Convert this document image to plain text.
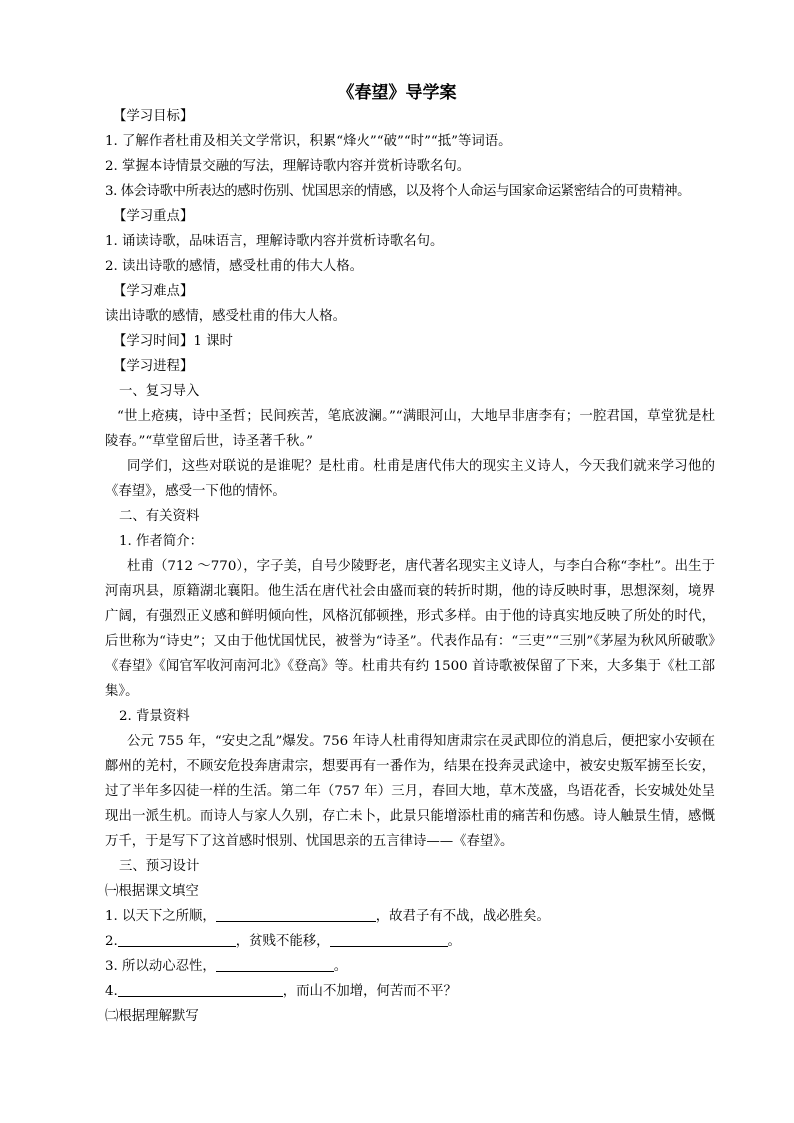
《春望》导学案
【学习目标】
1. 了解作者杜甫及相关文学常识，积累“烽火”“破”“时”“抵”等词语。
2. 掌握本诗情景交融的写法，理解诗歌内容并赏析诗歌名句。
3. 体会诗歌中所表达的感时伤别、忧国思亲的情感，以及将个人命运与国家命运紧密结合的可贵精神。
【学习重点】
1. 诵读诗歌，品味语言，理解诗歌内容并赏析诗歌名句。
2. 读出诗歌的感情，感受杜甫的伟大人格。
【学习难点】
读出诗歌的感情，感受杜甫的伟大人格。
【学习时间】1 课时
【学习进程】
一、复习导入
“世上疮痍，诗中圣哲；民间疾苦，笔底波澜。”“满眼河山，大地早非唐李有；一腔君国，草堂犹是杜陵春。”“草堂留后世，诗圣著千秋。”
同学们，这些对联说的是谁呢？是杜甫。杜甫是唐代伟大的现实主义诗人，今天我们就来学习他的《春望》，感受一下他的情怀。
二、有关资料
1. 作者简介：
杜甫（712 ～770），字子美，自号少陵野老，唐代著名现实主义诗人，与李白合称“李杜”。出生于河南巩县，原籍湖北襄阳。他生活在唐代社会由盛而衰的转折时期，他的诗反映时事，思想深刻，境界广阔，有强烈正义感和鲜明倾向性，风格沉郁顿挫，形式多样。由于他的诗真实地反映了所处的时代，后世称为“诗史”；又由于他忧国忧民，被誉为“诗圣”。代表作品有：“三吏”“三别”《茅屋为秋风所破歌》《春望》《闻官军收河南河北》《登高》等。杜甫共有约 1500 首诗歌被保留了下来，大多集于《杜工部集》。
2. 背景资料
公元 755 年，“安史之乱”爆发。756 年诗人杜甫得知唐肃宗在灵武即位的消息后，便把家小安顿在鄜州的羌村，不顾安危投奔唐肃宗，想要再有一番作为，结果在投奔灵武途中，被安史叛军掳至长安，过了半年多囚徒一样的生活。第二年（757 年）三月，春回大地，草木茂盛，鸟语花香，长安城处处呈现出一派生机。而诗人与家人久别，存亡未卜，此景只能增添杜甫的痛苦和伤感。诗人触景生情，感慨万千，于是写下了这首感时恨别、忧国思亲的五言律诗——《春望》。
三、预习设计
㈠根据课文填空
1. 以天下之所顺，	，故君子有不战，战必胜矣。
2.	，贫贱不能移，	。
3. 所以动心忍性，	。
4.	，而山不加增，何苦而不平？
㈡根据理解默写
